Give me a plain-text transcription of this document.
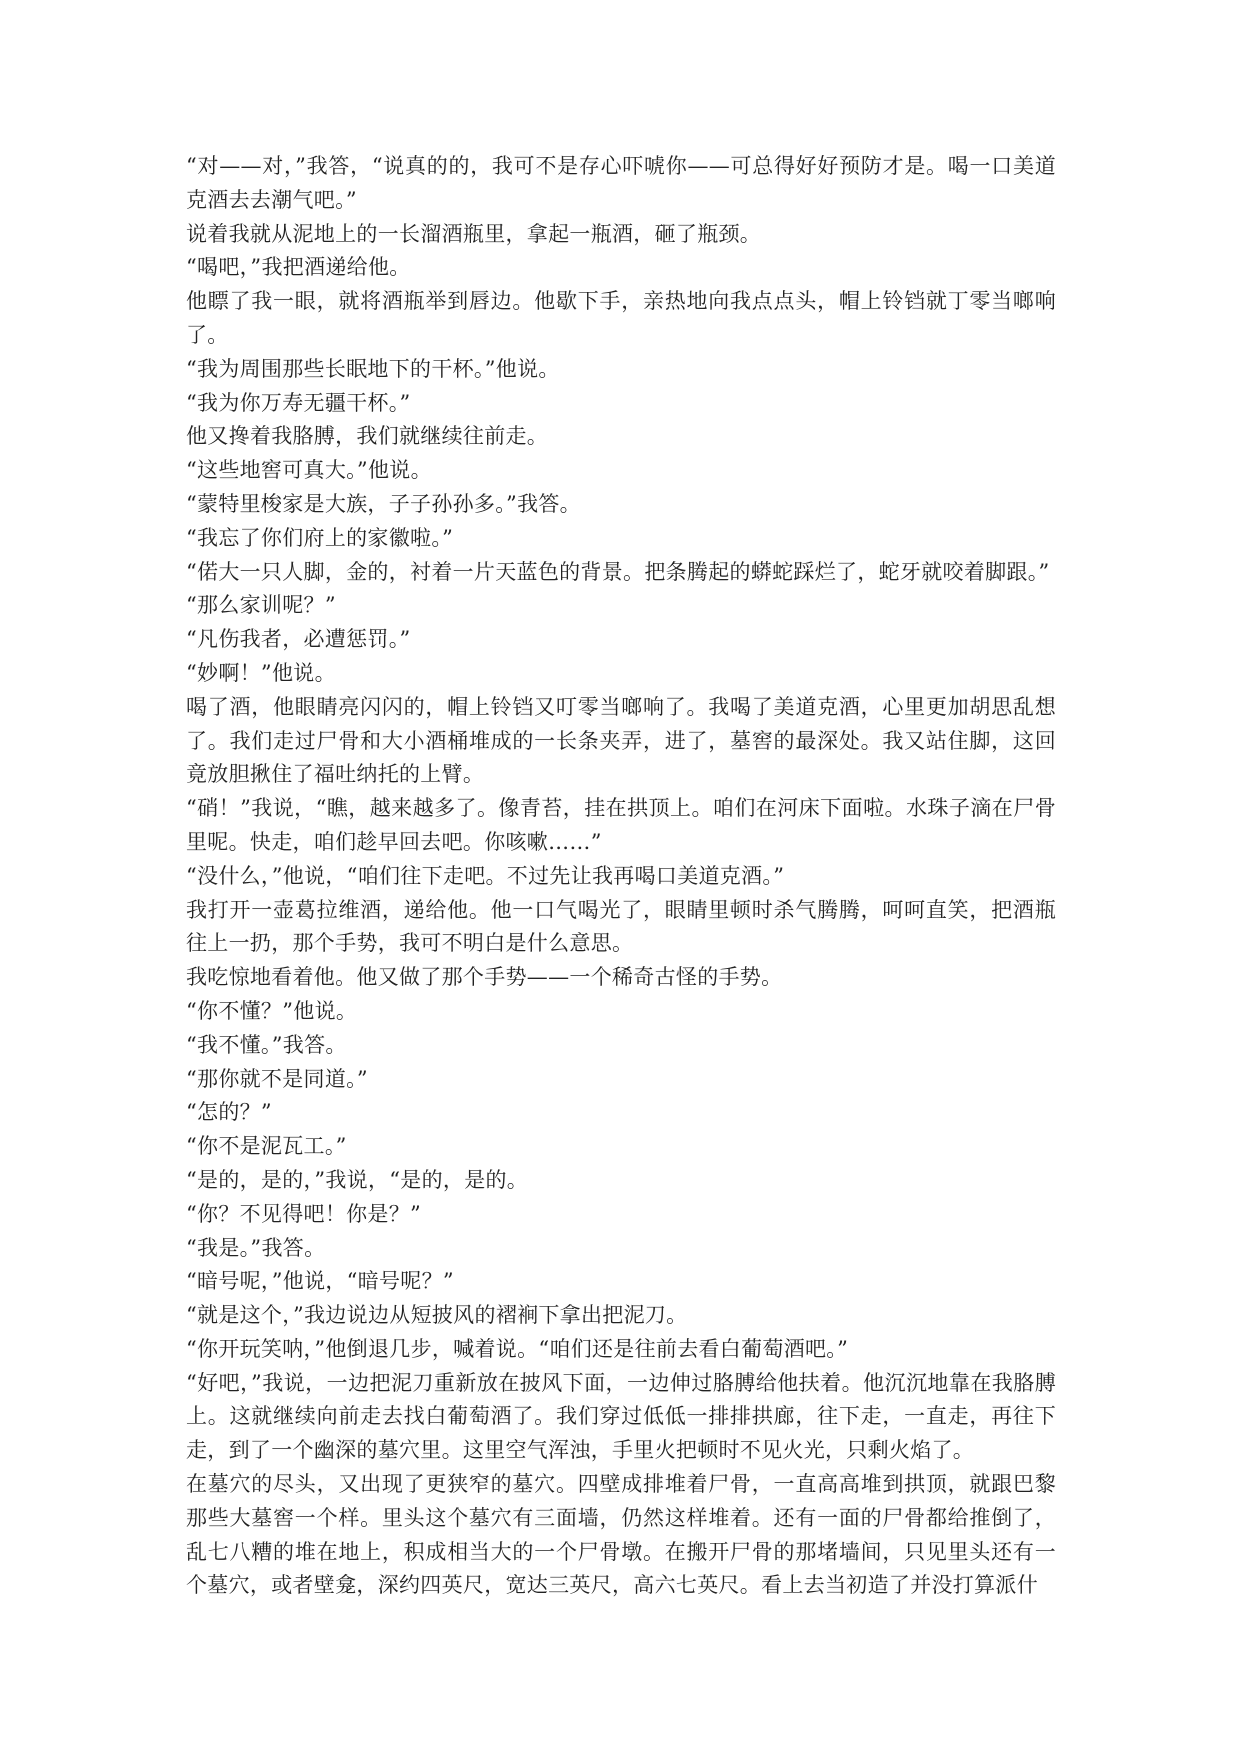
“对——对，”我答，“说真的的，我可不是存心吓唬你——可总得好好预防才是。喝一口美道克酒去去潮气吧。”

说着我就从泥地上的一长溜酒瓶里，拿起一瓶酒，砸了瓶颈。

“喝吧，”我把酒递给他。

他瞟了我一眼，就将酒瓶举到唇边。他歇下手，亲热地向我点点头，帽上铃铛就丁零当啷响了。

“我为周围那些长眠地下的干杯。”他说。

“我为你万寿无疆干杯。”

他又搀着我胳膊，我们就继续往前走。

“这些地窖可真大。”他说。

“蒙特里梭家是大族，子子孙孙多。”我答。

“我忘了你们府上的家徽啦。”

“偌大一只人脚，金的，衬着一片天蓝色的背景。把条腾起的蟒蛇踩烂了，蛇牙就咬着脚跟。”

“那么家训呢？”

“凡伤我者，必遭惩罚。”

“妙啊！”他说。

喝了酒，他眼睛亮闪闪的，帽上铃铛又叮零当啷响了。我喝了美道克酒，心里更加胡思乱想了。我们走过尸骨和大小酒桶堆成的一长条夹弄，进了，墓窖的最深处。我又站住脚，这回竟放胆揪住了福吐纳托的上臂。

“硝！”我说，“瞧，越来越多了。像青苔，挂在拱顶上。咱们在河床下面啦。水珠子滴在尸骨里呢。快走，咱们趁早回去吧。你咳嗽……”

“没什么，”他说，“咱们往下走吧。不过先让我再喝口美道克酒。”

我打开一壶葛拉维酒，递给他。他一口气喝光了，眼睛里顿时杀气腾腾，呵呵直笑，把酒瓶往上一扔，那个手势，我可不明白是什么意思。

我吃惊地看着他。他又做了那个手势——一个稀奇古怪的手势。

“你不懂？”他说。

“我不懂。”我答。

“那你就不是同道。”

“怎的？”

“你不是泥瓦工。”

“是的，是的，”我说，“是的，是的。

“你？不见得吧！你是？”

“我是。”我答。

“暗号呢，”他说，“暗号呢？”

“就是这个，”我边说边从短披风的褶裥下拿出把泥刀。

“你开玩笑呐，”他倒退几步，喊着说。“咱们还是往前去看白葡萄酒吧。”

“好吧，”我说，一边把泥刀重新放在披风下面，一边伸过胳膊给他扶着。他沉沉地靠在我胳膊上。这就继续向前走去找白葡萄酒了。我们穿过低低一排排拱廊，往下走，一直走，再往下走，到了一个幽深的墓穴里。这里空气浑浊，手里火把顿时不见火光，只剩火焰了。

在墓穴的尽头，又出现了更狭窄的墓穴。四壁成排堆着尸骨，一直高高堆到拱顶，就跟巴黎那些大墓窖一个样。里头这个墓穴有三面墙，仍然这样堆着。还有一面的尸骨都给推倒了，乱七八糟的堆在地上，积成相当大的一个尸骨墩。在搬开尸骨的那堵墙间，只见里头还有一个墓穴，或者壁龛，深约四英尺，宽达三英尺，高六七英尺。看上去当初造了并没打算派什
